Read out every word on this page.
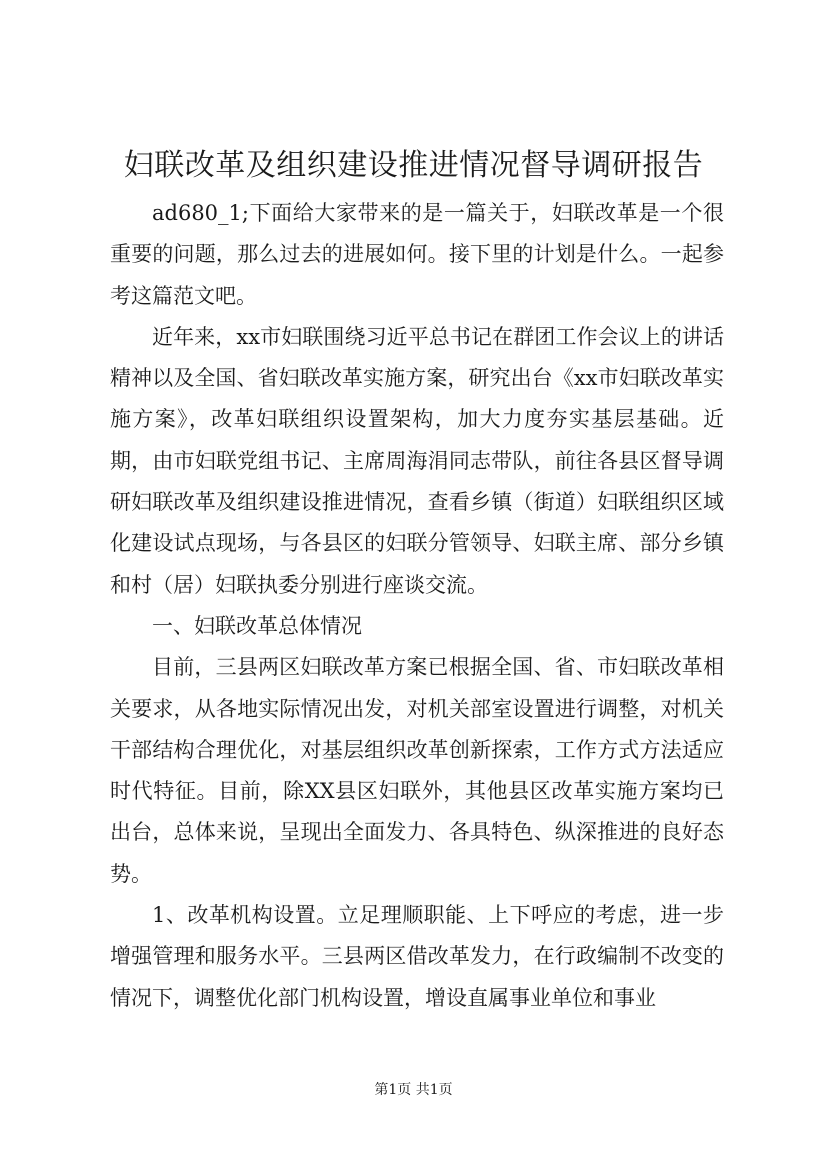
妇联改革及组织建设推进情况督导调研报告

ad680_1;下面给大家带来的是一篇关于，妇联改革是一个很重要的问题，那么过去的进展如何。接下里的计划是什么。一起参考这篇范文吧。

近年来，xx市妇联围绕习近平总书记在群团工作会议上的讲话精神以及全国、省妇联改革实施方案，研究出台《xx市妇联改革实施方案》，改革妇联组织设置架构，加大力度夯实基层基础。近期，由市妇联党组书记、主席周海涓同志带队，前往各县区督导调研妇联改革及组织建设推进情况，查看乡镇（街道）妇联组织区域化建设试点现场，与各县区的妇联分管领导、妇联主席、部分乡镇和村（居）妇联执委分别进行座谈交流。

一、妇联改革总体情况

目前，三县两区妇联改革方案已根据全国、省、市妇联改革相关要求，从各地实际情况出发，对机关部室设置进行调整，对机关干部结构合理优化，对基层组织改革创新探索，工作方式方法适应时代特征。目前，除XX县区妇联外，其他县区改革实施方案均已出台，总体来说，呈现出全面发力、各具特色、纵深推进的良好态势。

1、改革机构设置。立足理顺职能、上下呼应的考虑，进一步增强管理和服务水平。三县两区借改革发力，在行政编制不改变的情况下，调整优化部门机构设置，增设直属事业单位和事业

第1页 共1页
